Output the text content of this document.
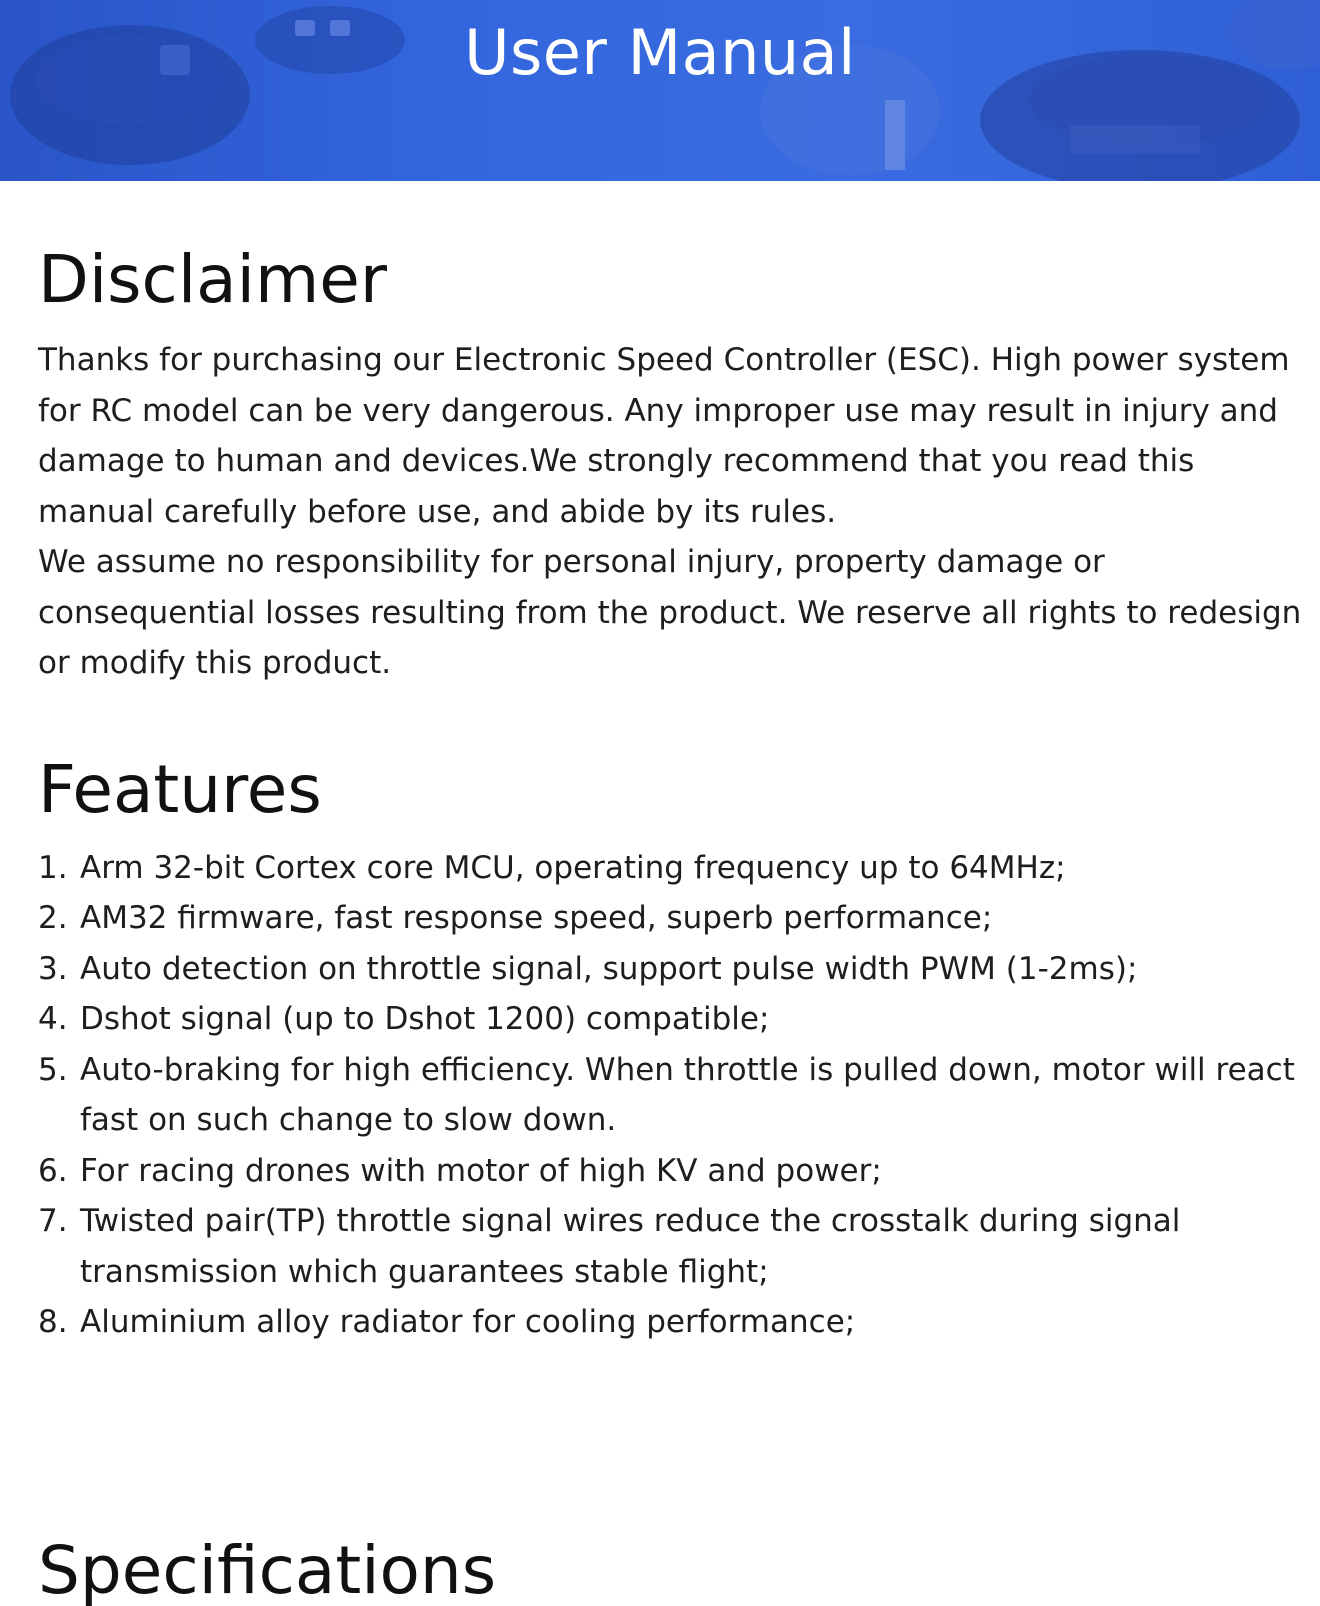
User Manual
Disclaimer

Thanks for purchasing our Electronic Speed Controller (ESC). High power system for RC model can be very dangerous. Any improper use may result in injury and damage to human and devices.We strongly recommend that you read this manual carefully before use, and abide by its rules.

We assume no responsibility for personal injury, property damage or consequential losses resulting from the product. We reserve all rights to redesign or modify this product.

Features
1. Arm 32-bit Cortex core MCU, operating frequency up to 64MHz;
2. AM32 firmware, fast response speed, superb performance;
3. Auto detection on throttle signal, support pulse width PWM (1-2ms);
4. Dshot signal (up to Dshot 1200) compatible;
5. Auto-braking for high efficiency. When throttle is pulled down, motor will react fast on such change to slow down.
6. For racing drones with motor of high KV and power;
7. Twisted pair(TP) throttle signal wires reduce the crosstalk during signal transmission which guarantees stable flight;
8. Aluminium alloy radiator for cooling performance;
Specifications
